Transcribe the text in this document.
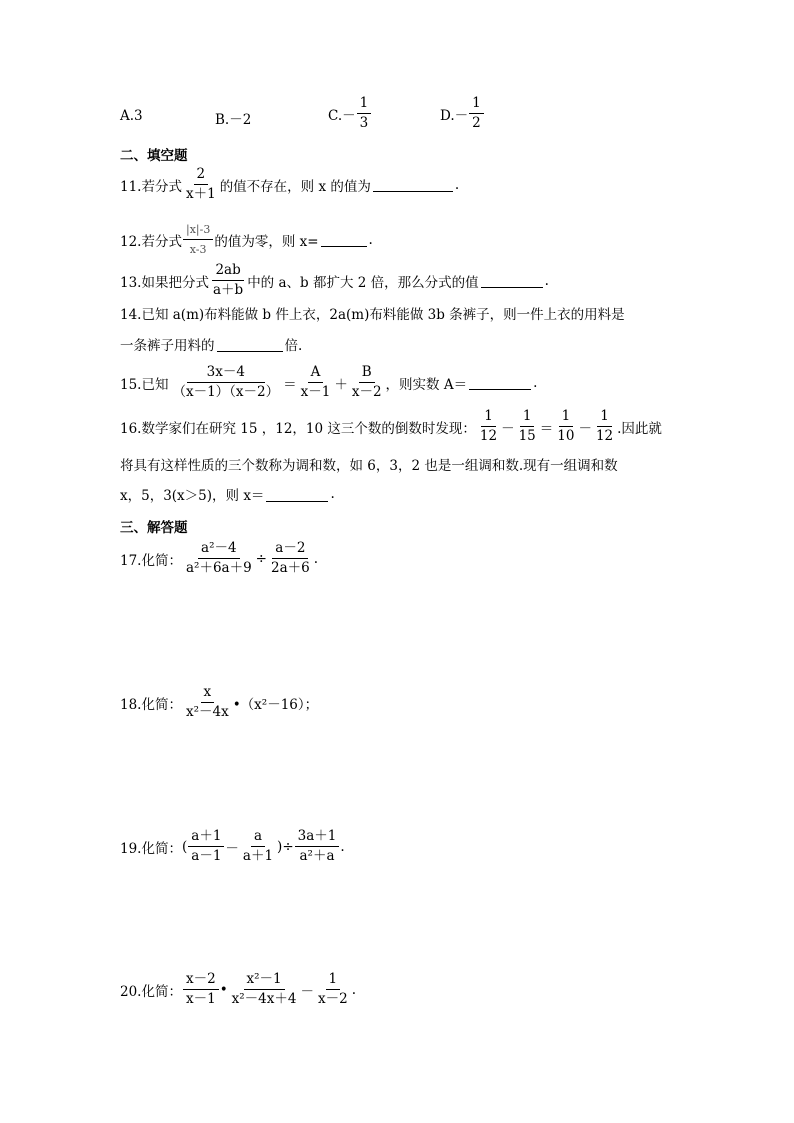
A.3	B.－2	$C.- \frac{1}{3}$	$D.- \frac{1}{2}$
二、填空题
11.若分式 $\frac{2}{x+1}$ 的值不存在，则 x 的值为	.
12.若分式 $\frac{|x|-3}{x-3}$ 的值为零，则 x=	.
13.如果把分式 $\frac{2ab}{a+b}$ 中的 a、b 都扩大 2 倍，那么分式的值	.
14.已知 a(m)布料能做 b 件上衣，2a(m)布料能做 3b 条裤子，则一件上衣的用料是
一条裤子用料的	倍.
15.已知 $\frac{3x-4}{(x-1)(x-2)} = \frac{A}{x-1} + \frac{B}{x-2}$ ，则实数 A＝	.
16.数学家们在研究 15 ，12，10 这三个数的倒数时发现： $\frac{1}{12} - \frac{1}{15} = \frac{1}{10} - \frac{1}{12}$ .因此就
将具有这样性质的三个数称为调和数，如 6，3，2 也是一组调和数.现有一组调和数
x，5，3(x＞5)，则 x＝	.
三、解答题
17.化简： $\frac{\text{a²－4}}{\text{a²＋6a＋9}} \div \frac{a-2}{2a+6}$ .
18.化简： $\frac{x}{\text{x²－4x}}$ •（x²－16）；
19.化简： ( $\frac{a+1}{a-1} - \frac{a}{a+1}$ ) ÷ $\frac{3a+1}{\text{a²＋a}}$ .
20.化简： $\frac{x-2}{x-1}$ • $\frac{\text{x²－1}}{\text{x²－4x＋4}} - \frac{1}{x-2}$ .
